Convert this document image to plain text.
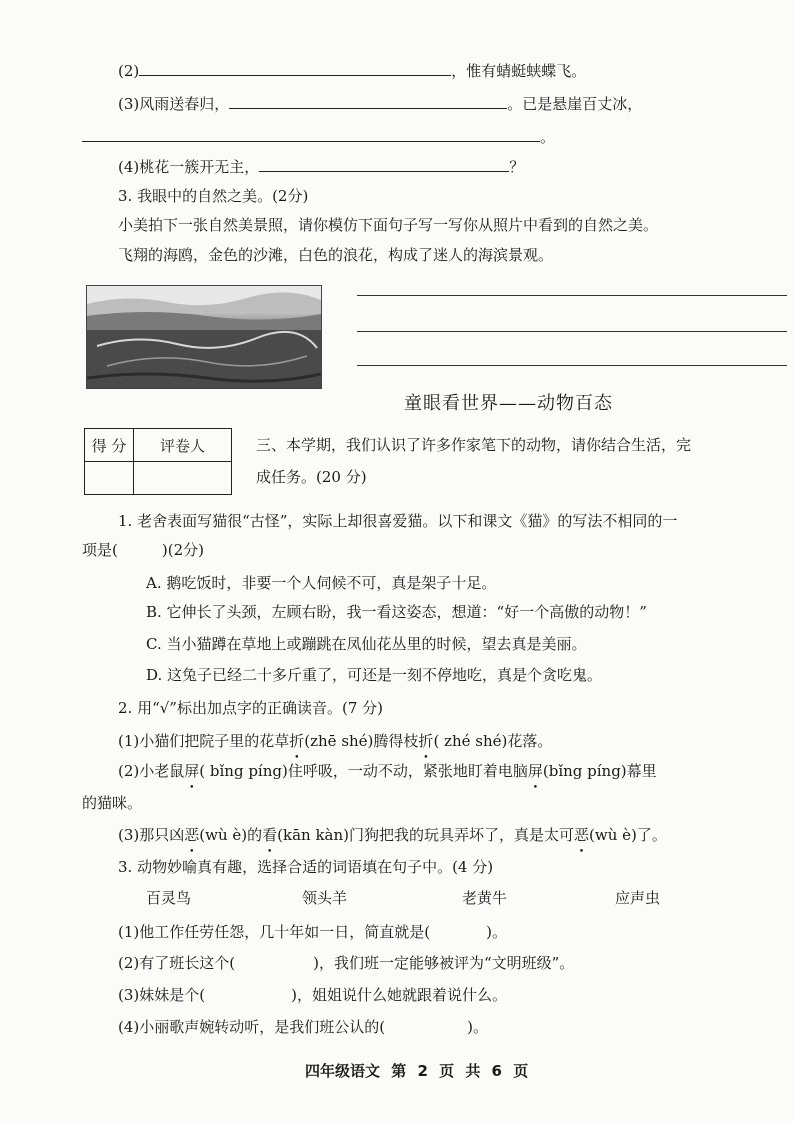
(2)	，惟有蜻蜓蛱蝶飞。
(3)风雨送春归，	。已是悬崖百丈冰，
。
(4)桃花一簇开无主，	？
3. 我眼中的自然之美。(2分)
小美拍下一张自然美景照，请你模仿下面句子写一写你从照片中看到的自然之美。
飞翔的海鸥，金色的沙滩，白色的浪花，构成了迷人的海滨景观。
童眼看世界——动物百态
得 分	评卷人
		三、本学期，我们认识了许多作家笔下的动物，请你结合生活，完
成任务。(20 分)
1. 老舍表面写猫很“古怪”，实际上却很喜爱猫。以下和课文《猫》的写法不相同的一
项是(	)(2分)
A. 鹅吃饭时，非要一个人伺候不可，真是架子十足。
B. 它伸长了头颈，左顾右盼，我一看这姿态，想道：“好一个高傲的动物！”
C. 当小猫蹲在草地上或蹦跳在凤仙花丛里的时候，望去真是美丽。
D. 这兔子已经二十多斤重了，可还是一刻不停地吃，真是个贪吃鬼。
2. 用“√”标出加点字的正确读音。(7 分)
(1)小猫们把院子里的花草折(zhē shé)腾得枝折( zhé shé)花落。
(2)小老鼠屏( bǐng píng)住呼吸，一动不动，紧张地盯着电脑屏(bǐng píng)幕里
的猫咪。
(3)那只凶恶(wù è)的看(kān kàn)门狗把我的玩具弄坏了，真是太可恶(wù è)了。
3. 动物妙喻真有趣，选择合适的词语填在句子中。(4 分)
百灵鸟	领头羊	老黄牛	应声虫
(1)他工作任劳任怨，几十年如一日，简直就是(	)。
(2)有了班长这个(	)，我们班一定能够被评为“文明班级”。
(3)妹妹是个(	)，姐姐说什么她就跟着说什么。
(4)小丽歌声婉转动听，是我们班公认的(	)。
四年级语文 第 2 页 共 6 页
